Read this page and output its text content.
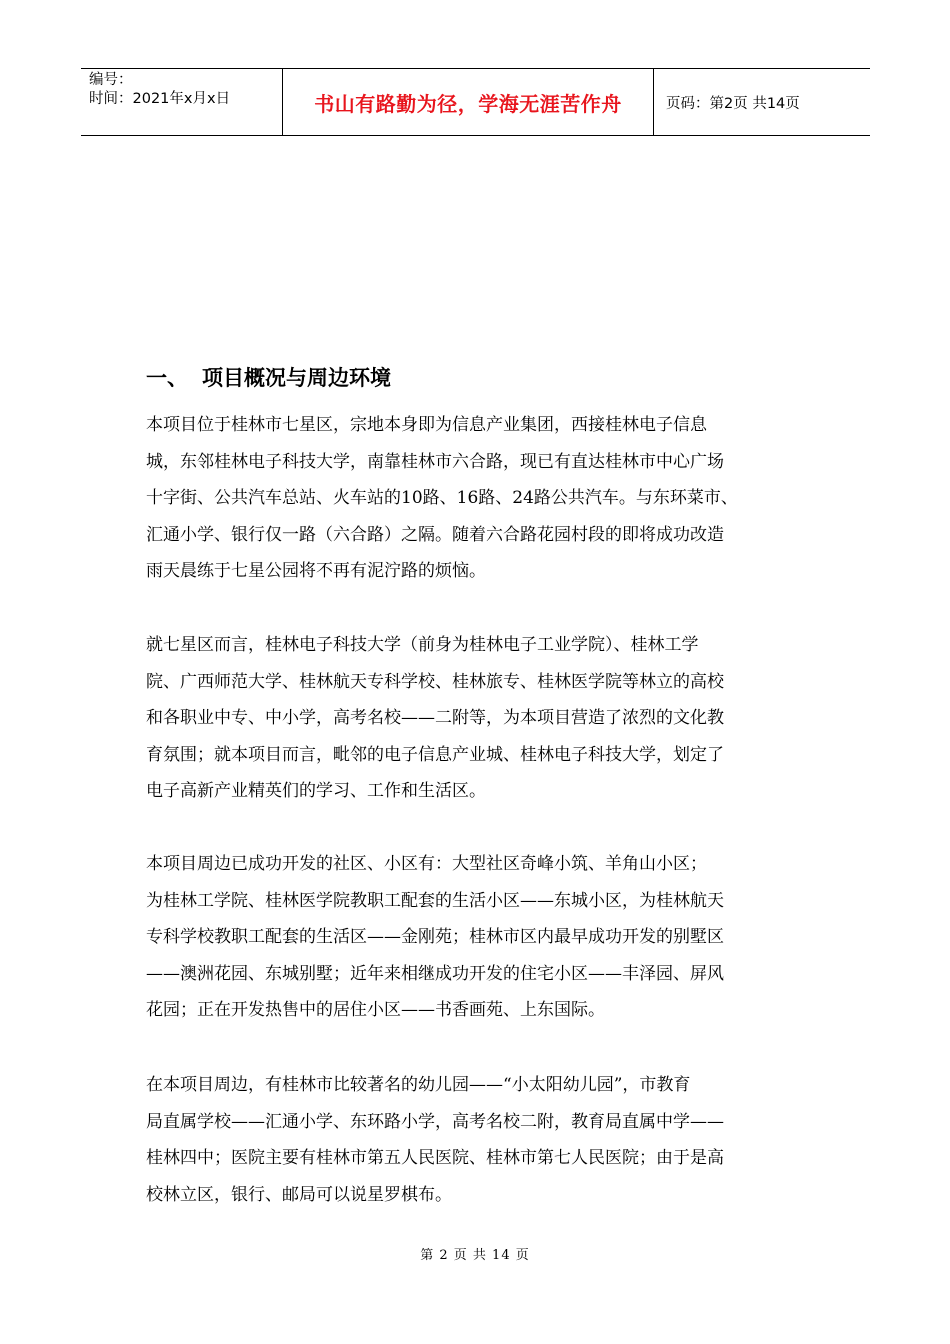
编号：
时间：2021年x月x日	书山有路勤为径，学海无涯苦作舟	页码：第2页 共14页
一、 项目概况与周边环境
本项目位于桂林市七星区，宗地本身即为信息产业集团，西接桂林电子信息
城，东邻桂林电子科技大学，南靠桂林市六合路，现已有直达桂林市中心广场
十字街、公共汽车总站、火车站的10路、16路、24路公共汽车。与东环菜市、
汇通小学、银行仅一路（六合路）之隔。随着六合路花园村段的即将成功改造
雨天晨练于七星公园将不再有泥泞路的烦恼。
就七星区而言，桂林电子科技大学（前身为桂林电子工业学院）、桂林工学
院、广西师范大学、桂林航天专科学校、桂林旅专、桂林医学院等林立的高校
和各职业中专、中小学，高考名校——二附等，为本项目营造了浓烈的文化教
育氛围；就本项目而言，毗邻的电子信息产业城、桂林电子科技大学，划定了
电子高新产业精英们的学习、工作和生活区。
本项目周边已成功开发的社区、小区有：大型社区奇峰小筑、羊角山小区；
为桂林工学院、桂林医学院教职工配套的生活小区——东城小区，为桂林航天
专科学校教职工配套的生活区——金刚苑；桂林市区内最早成功开发的别墅区
——澳洲花园、东城别墅；近年来相继成功开发的住宅小区——丰泽园、屏风
花园；正在开发热售中的居住小区——书香画苑、上东国际。
在本项目周边，有桂林市比较著名的幼儿园——“小太阳幼儿园”，市教育
局直属学校——汇通小学、东环路小学，高考名校二附，教育局直属中学——
桂林四中；医院主要有桂林市第五人民医院、桂林市第七人民医院；由于是高
校林立区，银行、邮局可以说星罗棋布。
第 2 页 共 14 页
